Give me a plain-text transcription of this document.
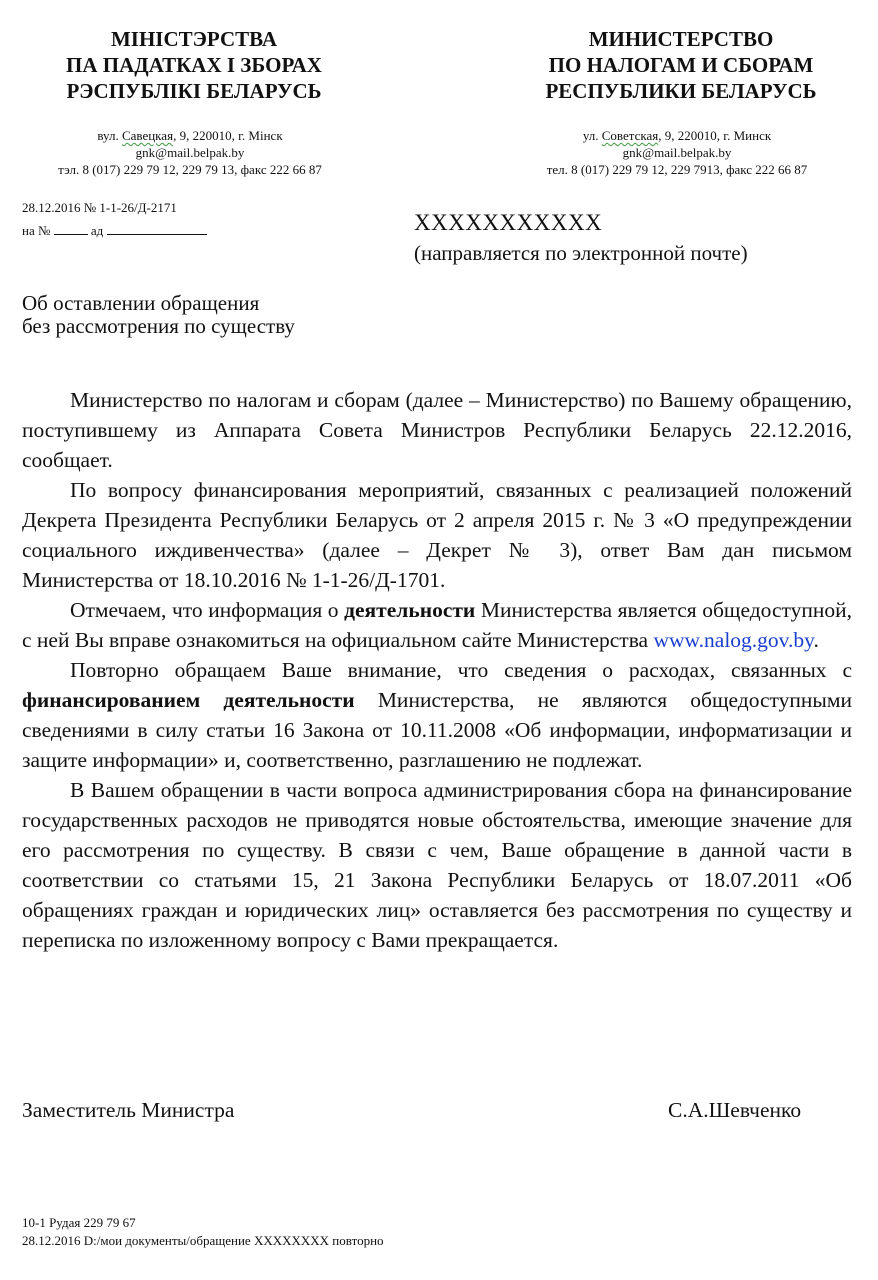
МІНІСТЭРСТВА
ПА ПАДАТКАХ І ЗБОРАХ
РЭСПУБЛІКІ БЕЛАРУСЬ
МИНИСТЕРСТВО
ПО НАЛОГАМ И СБОРАМ
РЕСПУБЛИКИ БЕЛАРУСЬ
вул. Савецкая, 9, 220010, г. Мінск
gnk@mail.belpak.by
тэл. 8 (017) 229 79 12, 229 79 13, факс 222 66 87
ул. Советская, 9, 220010, г. Минск
gnk@mail.belpak.by
тел. 8 (017) 229 79 12, 229 7913, факс 222 66 87
28.12.2016 № 1-1-26/Д-2171
на №	ад	XXXXXXXXXXX
(направляется по электронной почте)
Об оставлении обращения
без рассмотрения по существу

Министерство по налогам и сборам (далее – Министерство) по Вашему обращению, поступившему из Аппарата Совета Министров Республики Беларусь 22.12.2016, сообщает.

По вопросу финансирования мероприятий, связанных с реализацией положений Декрета Президента Республики Беларусь от 2 апреля 2015 г. № 3 «О предупреждении социального иждивенчества» (далее – Декрет № 3), ответ Вам дан письмом Министерства от 18.10.2016 № 1-1-26/Д-1701.

Отмечаем, что информация о деятельности Министерства является общедоступной, с ней Вы вправе ознакомиться на официальном сайте Министерства www.nalog.gov.by.

Повторно обращаем Ваше внимание, что сведения о расходах, связанных с финансированием деятельности Министерства, не являются общедоступными сведениями в силу статьи 16 Закона от 10.11.2008 «Об информации, информатизации и защите информации» и, соответственно, разглашению не подлежат.

В Вашем обращении в части вопроса администрирования сбора на финансирование государственных расходов не приводятся новые обстоятельства, имеющие значение для его рассмотрения по существу. В связи с чем, Ваше обращение в данной части в соответствии со статьями 15, 21 Закона Республики Беларусь от 18.07.2011 «Об обращениях граждан и юридических лиц» оставляется без рассмотрения по существу и переписка по изложенному вопросу с Вами прекращается.

Заместитель Министра	С.А.Шевченко
10-1 Рудая 229 79 67
28.12.2016 D:/мои документы/обращение XXXXXXXX повторно
